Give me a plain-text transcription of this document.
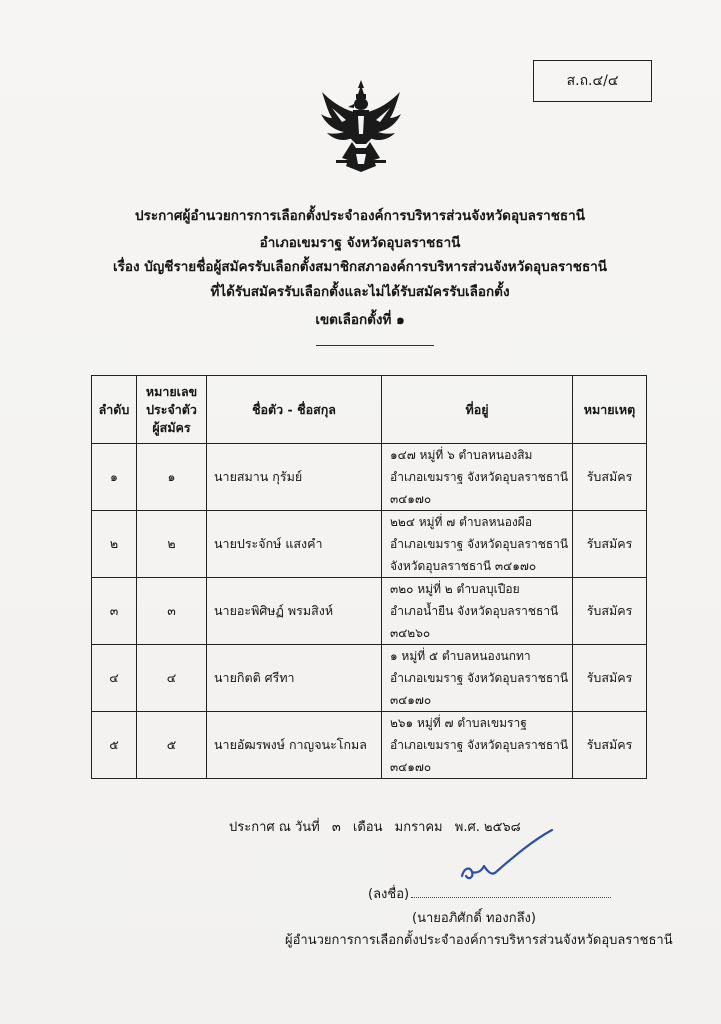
ส.ถ.๔/๔
ประกาศผู้อำนวยการการเลือกตั้งประจำองค์การบริหารส่วนจังหวัดอุบลราชธานี
อำเภอเขมราฐ จังหวัดอุบลราชธานี
เรื่อง บัญชีรายชื่อผู้สมัครรับเลือกตั้งสมาชิกสภาองค์การบริหารส่วนจังหวัดอุบลราชธานี
ที่ได้รับสมัครรับเลือกตั้งและไม่ได้รับสมัครรับเลือกตั้ง
เขตเลือกตั้งที่ ๑
ลำดับ	หมายเลข
ประจำตัว
ผู้สมัคร	ชื่อตัว - ชื่อสกุล	ที่อยู่	หมายเหตุ
๑	๑	นายสมาน กุรัมย์	๑๔๗ หมู่ที่ ๖ ตำบลหนองสิม
อำเภอเขมราฐ จังหวัดอุบลราชธานี
๓๔๑๗๐	รับสมัคร
๒	๒	นายประจักษ์ แสงคำ	๒๒๔ หมู่ที่ ๗ ตำบลหนองผือ
อำเภอเขมราฐ จังหวัดอุบลราชธานี
จังหวัดอุบลราชธานี ๓๔๑๗๐	รับสมัคร
๓	๓	นายอะพิศิษฏ์ พรมสิงห์	๓๒๐ หมู่ที่ ๒ ตำบลบุเปือย
อำเภอน้ำยืน จังหวัดอุบลราชธานี
๓๔๒๖๐	รับสมัคร
๔	๔	นายกิตติ ศรีทา	๑ หมู่ที่ ๕ ตำบลหนองนกทา
อำเภอเขมราฐ จังหวัดอุบลราชธานี
๓๔๑๗๐	รับสมัคร
๕	๕	นายอัฒรพงษ์ กาญจนะโกมล	๒๖๑ หมู่ที่ ๗ ตำบลเขมราฐ
อำเภอเขมราฐ จังหวัดอุบลราชธานี
๓๔๑๗๐	รับสมัคร
ประกาศ ณ วันที่ ๓ เดือน มกราคม พ.ศ. ๒๕๖๘
(ลงชื่อ)
(นายอภิศักดิ์ ทองกลึง)
ผู้อำนวยการการเลือกตั้งประจำองค์การบริหารส่วนจังหวัดอุบลราชธานี
